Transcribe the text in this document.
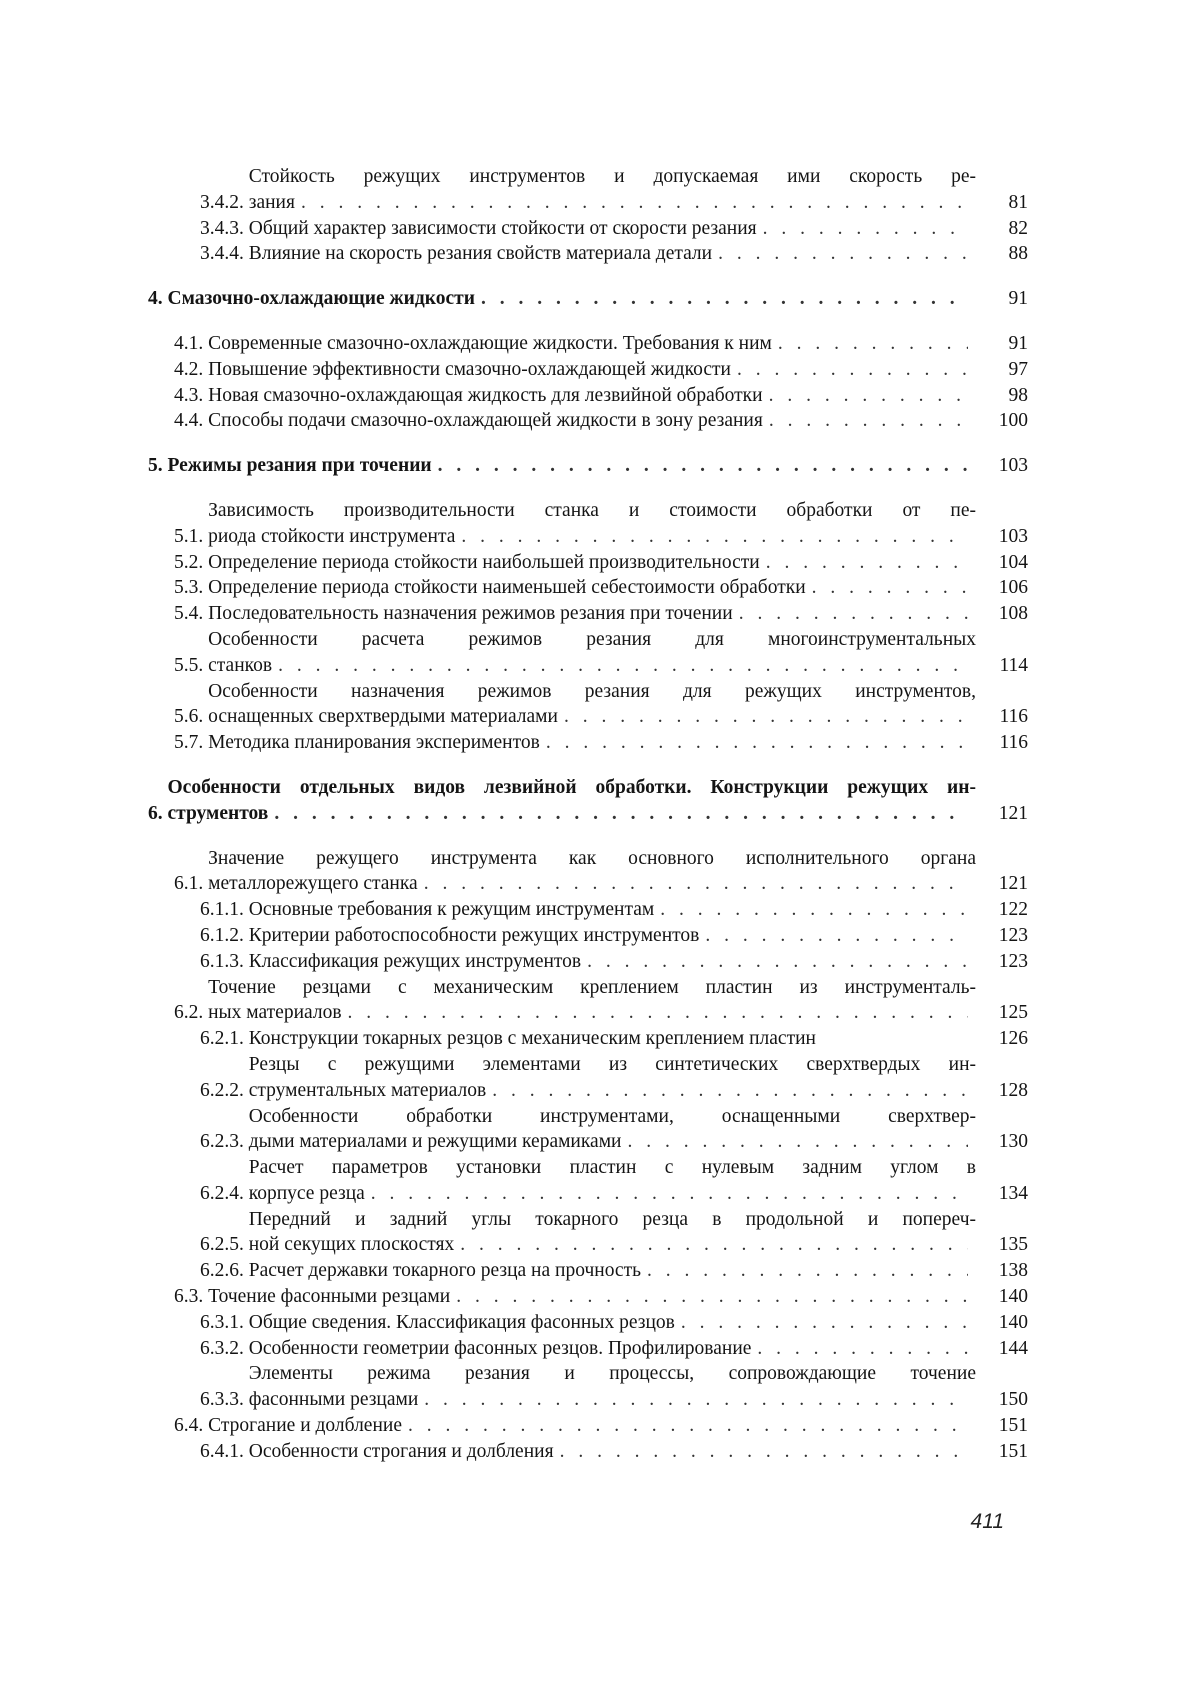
3.4.2.
Стойкость режущих инструментов и допускаемая ими скорость ре-
зания . . .	81
3.4.3. Общий характер зависимости стойкости от скорости резания . . .	82
3.4.4. Влияние на скорость резания свойств материала детали . . .	88
4. Смазочно-охлаждающие жидкости . . .	91
4.1. Современные смазочно-охлаждающие жидкости. Требования к ним . . .	91
4.2. Повышение эффективности смазочно-охлаждающей жидкости . . .	97
4.3. Новая смазочно-охлаждающая жидкость для лезвийной обработки . . .	98
4.4. Способы подачи смазочно-охлаждающей жидкости в зону резания . . .	100
5. Режимы резания при точении . . .	103
5.1.
Зависимость производительности станка и стоимости обработки от пе-
риода стойкости инструмента . . .	103
5.2. Определение периода стойкости наибольшей производительности . . .	104
5.3. Определение периода стойкости наименьшей себестоимости обработки . . .	106
5.4. Последовательность назначения режимов резания при точении . . .	108
5.5.
Особенности расчета режимов резания для многоинструментальных
станков . . .	114
5.6.
Особенности назначения режимов резания для режущих инструментов,
оснащенных сверхтвердыми материалами . . .	116
5.7. Методика планирования экспериментов . . .	116
6.
Особенности отдельных видов лезвийной обработки. Конструкции режущих ин-
струментов . . .	121
6.1.
Значение режущего инструмента как основного исполнительного органа
металлорежущего станка . . .	121
6.1.1. Основные требования к режущим инструментам . . .	122
6.1.2. Критерии работоспособности режущих инструментов . . .	123
6.1.3. Классификация режущих инструментов . . .	123
6.2.
Точение резцами с механическим креплением пластин из инструменталь-
ных материалов . . .	125
6.2.1. Конструкции токарных резцов с механическим креплением пластин	126
6.2.2.
Резцы с режущими элементами из синтетических сверхтвердых ин-
струментальных материалов . . .	128
6.2.3.
Особенности обработки инструментами, оснащенными сверхтвер-
дыми материалами и режущими керамиками . . .	130
6.2.4.
Расчет параметров установки пластин с нулевым задним углом в
корпусе резца . . .	134
6.2.5.
Передний и задний углы токарного резца в продольной и попереч-
ной секущих плоскостях . . .	135
6.2.6. Расчет державки токарного резца на прочность . . .	138
6.3. Точение фасонными резцами . . .	140
6.3.1. Общие сведения. Классификация фасонных резцов . . .	140
6.3.2. Особенности геометрии фасонных резцов. Профилирование . . .	144
6.3.3.
Элементы режима резания и процессы, сопровождающие точение
фасонными резцами . . .	150
6.4. Строгание и долбление . . .	151
6.4.1. Особенности строгания и долбления . . .	151
411
